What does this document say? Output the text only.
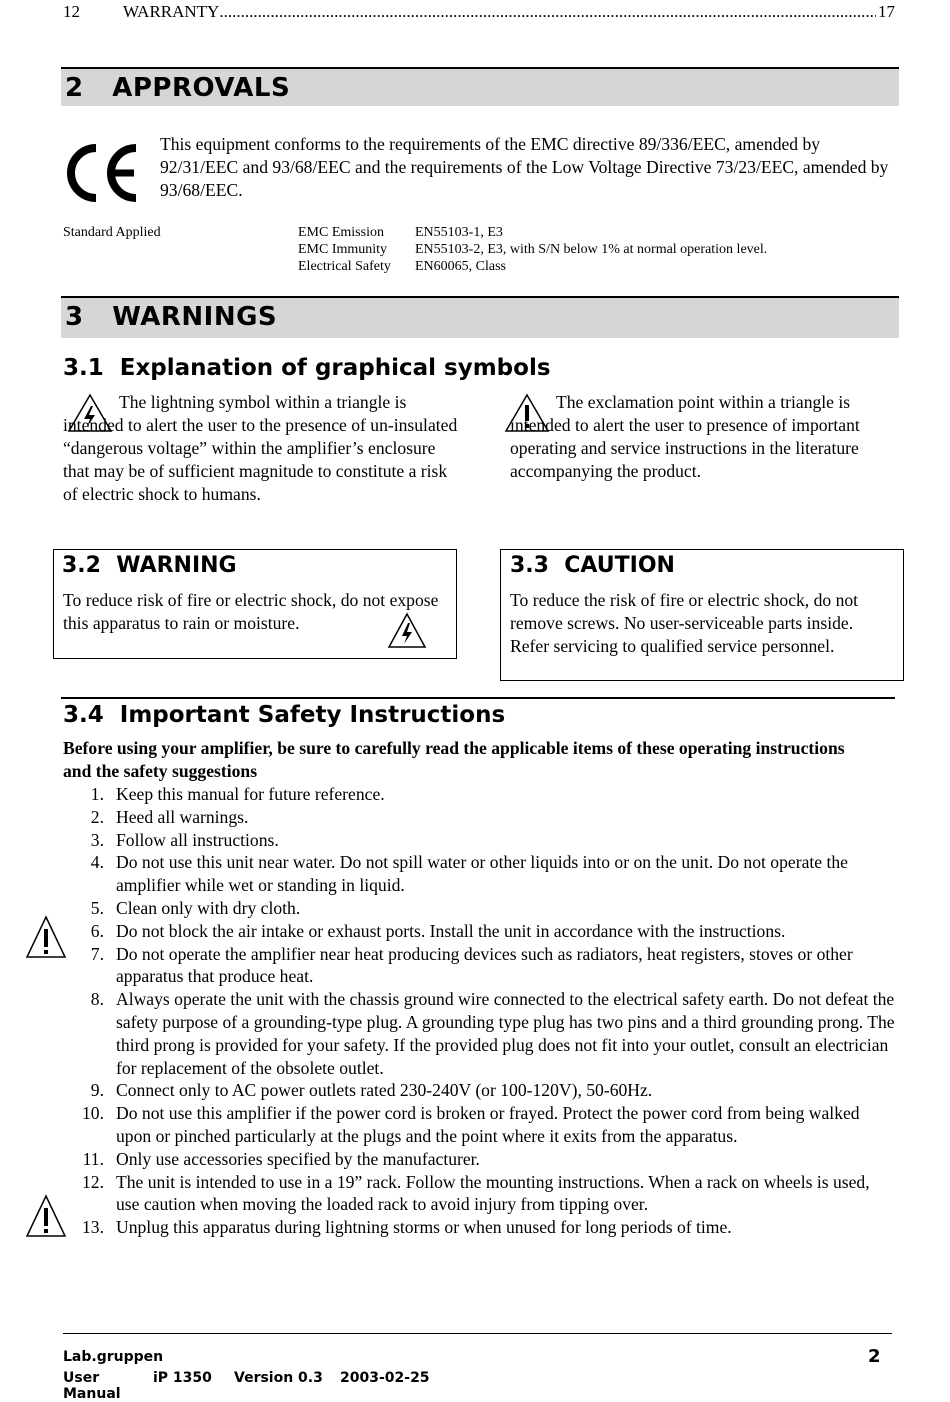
12	WARRANTY
.....	17
2   APPROVALS
This equipment conforms to the requirements of the EMC directive 89/336/EEC, amended by 92/31/EEC and 93/68/EEC and the requirements of the Low Voltage Directive 73/23/EEC, amended by 93/68/EEC.
Standard Applied	EMC Emission	EN55103-1, E3
EMC Immunity	EN55103-2, E3, with S/N below 1% at normal operation level.
Electrical Safety	EN60065, Class
3   WARNINGS
3.1  Explanation of graphical symbols
The lightning symbol within a triangle is intended to alert the user to the presence of un-insulated “dangerous voltage” within the amplifier’s enclosure that may be of sufficient magnitude to constitute a risk of electric shock to humans.
The exclamation point within a triangle is intended to alert the user to presence of important operating and service instructions in the literature accompanying the product.
3.2  WARNING
To reduce risk of fire or electric shock, do not expose this apparatus to rain or moisture.
3.3  CAUTION
To reduce the risk of fire or electric shock, do not remove screws. No user-serviceable parts inside. Refer servicing to qualified service personnel.
3.4  Important Safety Instructions
Before using your amplifier, be sure to carefully read the applicable items of these operating instructions and the safety suggestions
1. Keep this manual for future reference.
2. Heed all warnings.
3. Follow all instructions.
4. Do not use this unit near water. Do not spill water or other liquids into or on the unit. Do not operate the amplifier while wet or standing in liquid.
5. Clean only with dry cloth.
6. Do not block the air intake or exhaust ports. Install the unit in accordance with the instructions.
7. Do not operate the amplifier near heat producing devices such as radiators, heat registers, stoves or other apparatus that produce heat.
8. Always operate the unit with the chassis ground wire connected to the electrical safety earth. Do not defeat the safety purpose of a grounding-type plug. A grounding type plug has two pins and a third grounding prong. The third prong is provided for your safety. If the provided plug does not fit into your outlet, consult an electrician for replacement of the obsolete outlet.
9. Connect only to AC power outlets rated 230-240V (or 100-120V), 50-60Hz.
10. Do not use this amplifier if the power cord is broken or frayed. Protect the power cord from being walked upon or pinched particularly at the plugs and the point where it exits from the apparatus.
11. Only use accessories specified by the manufacturer.
12. The unit is intended to use in a 19” rack. Follow the mounting instructions. When a rack on wheels is used, use caution when moving the loaded rack to avoid injury from tipping over.
13. Unplug this apparatus during lightning storms or when unused for long periods of time.
Lab.gruppen
User Manual
iP 1350	Version 0.3	2003-02-25
2
